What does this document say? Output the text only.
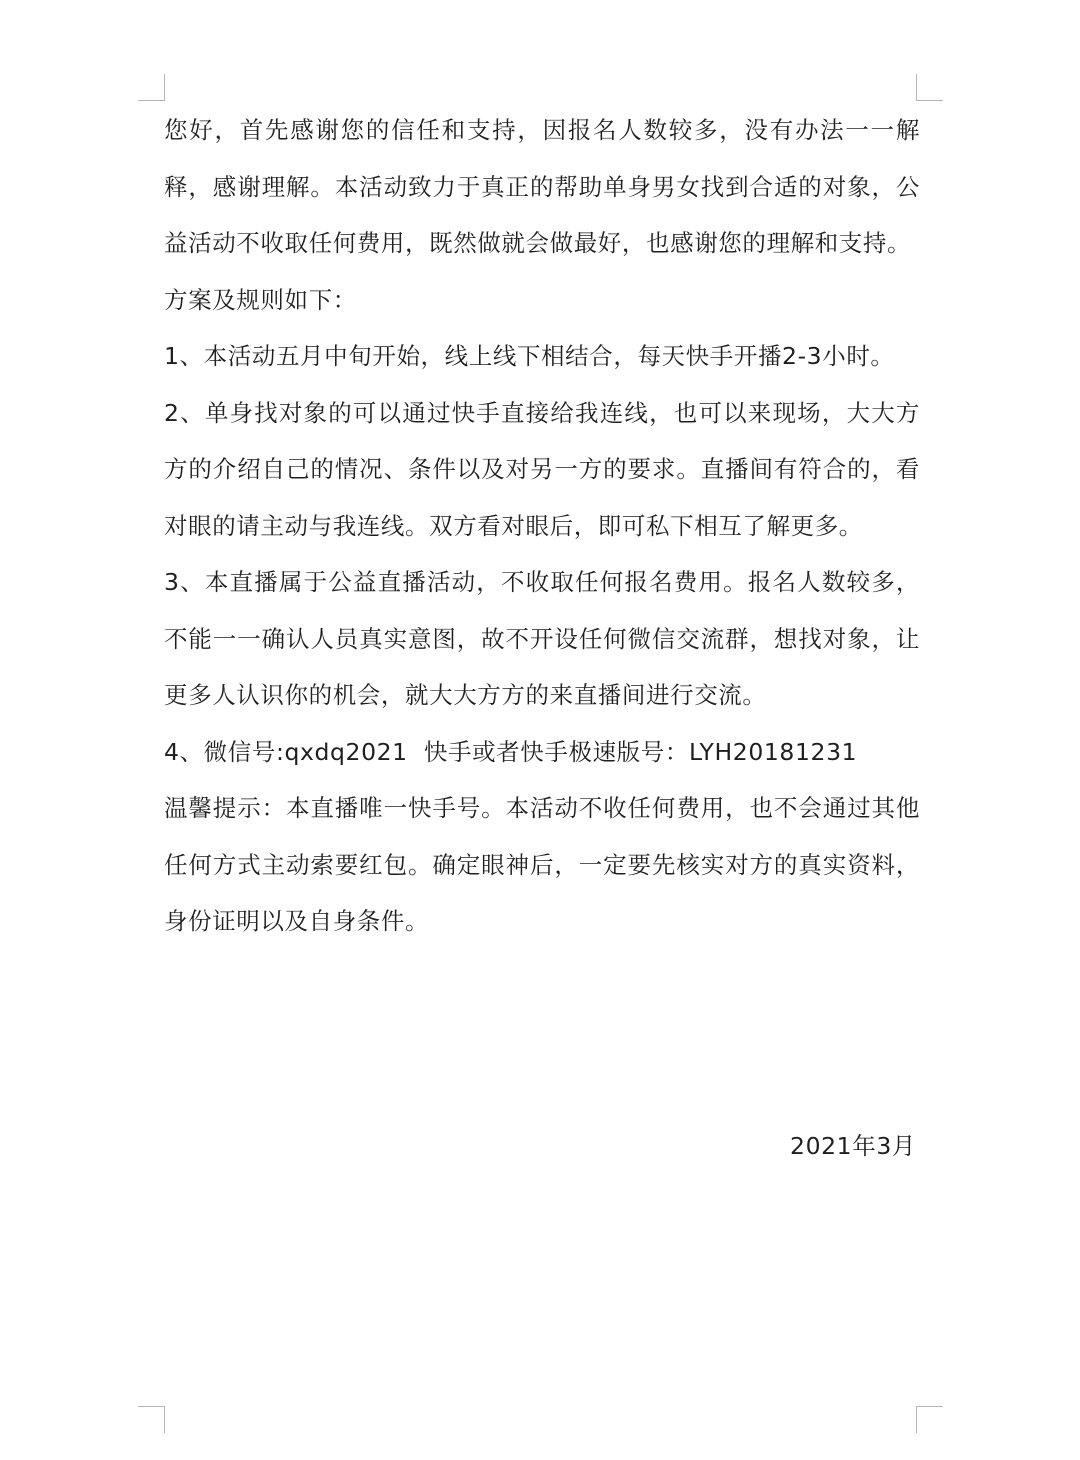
您好，首先感谢您的信任和支持，因报名人数较多，没有办法一一解释，感谢理解。本活动致力于真正的帮助单身男女找到合适的对象，公益活动不收取任何费用，既然做就会做最好，也感谢您的理解和支持。

方案及规则如下：

1、本活动五月中旬开始，线上线下相结合，每天快手开播2-3小时。

2、单身找对象的可以通过快手直接给我连线，也可以来现场，大大方方的介绍自己的情况、条件以及对另一方的要求。直播间有符合的，看对眼的请主动与我连线。双方看对眼后，即可私下相互了解更多。

3、本直播属于公益直播活动，不收取任何报名费用。报名人数较多，不能一一确认人员真实意图，故不开设任何微信交流群，想找对象，让更多人认识你的机会，就大大方方的来直播间进行交流。

4、微信号:qxdq2021  快手或者快手极速版号：LYH20181231

温馨提示：本直播唯一快手号。本活动不收任何费用，也不会通过其他任何方式主动索要红包。确定眼神后，一定要先核实对方的真实资料，身份证明以及自身条件。

2021年3月
